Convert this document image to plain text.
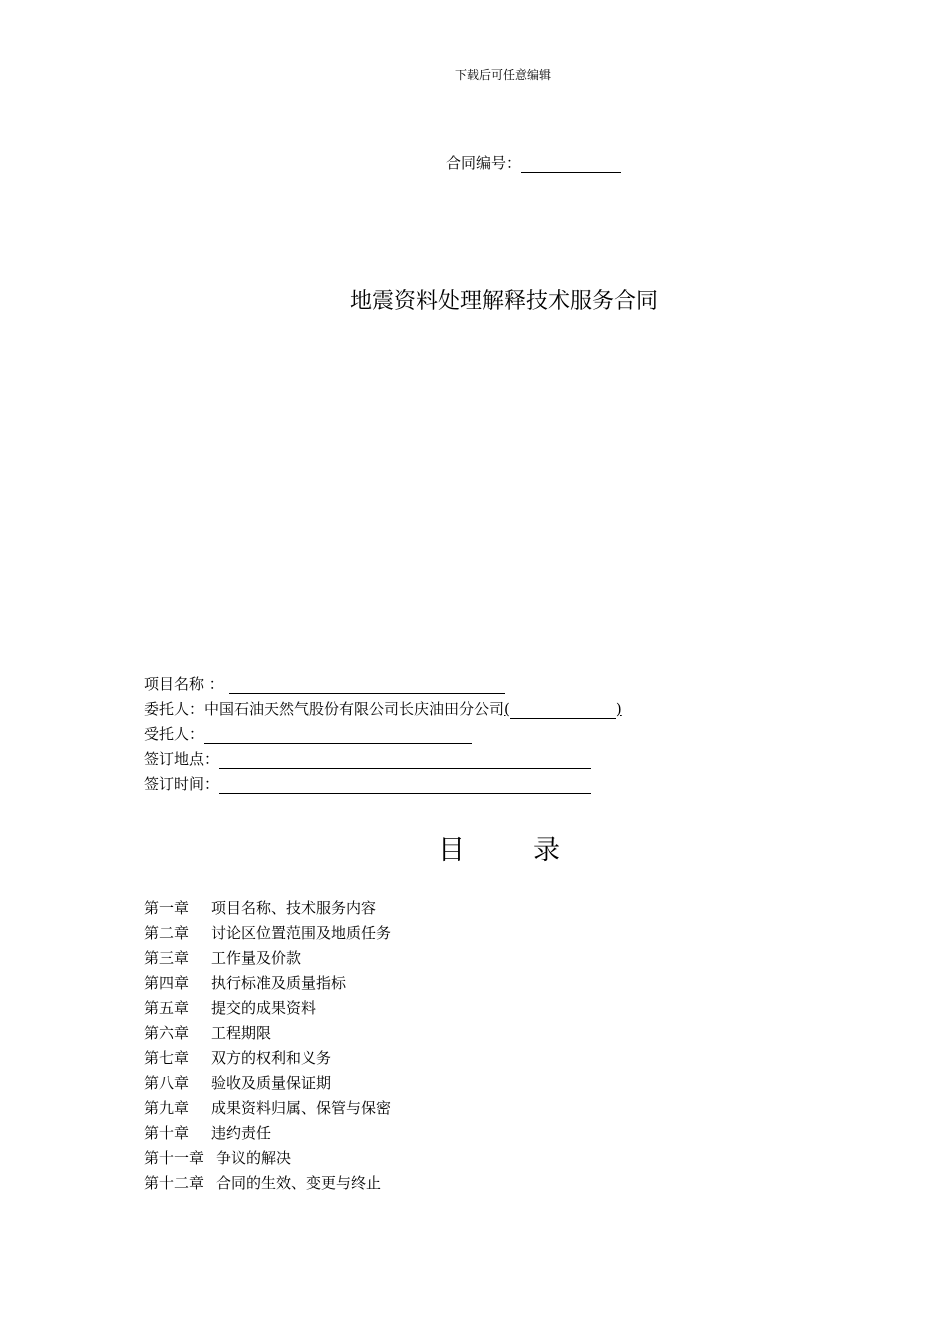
下载后可任意编辑
合同编号：
地震资料处理解释技术服务合同
项目名称 ：
委托人：中国石油天然气股份有限公司长庆油田分公司(	)
受托人：
签订地点：
签订时间：
目	录
第一章 项目名称、技术服务内容
第二章 讨论区位置范围及地质任务
第三章 工作量及价款
第四章 执行标准及质量指标
第五章 提交的成果资料
第六章 工程期限
第七章 双方的权利和义务
第八章 验收及质量保证期
第九章 成果资料归属、保管与保密
第十章 违约责任
第十一章 争议的解决
第十二章 合同的生效、变更与终止
